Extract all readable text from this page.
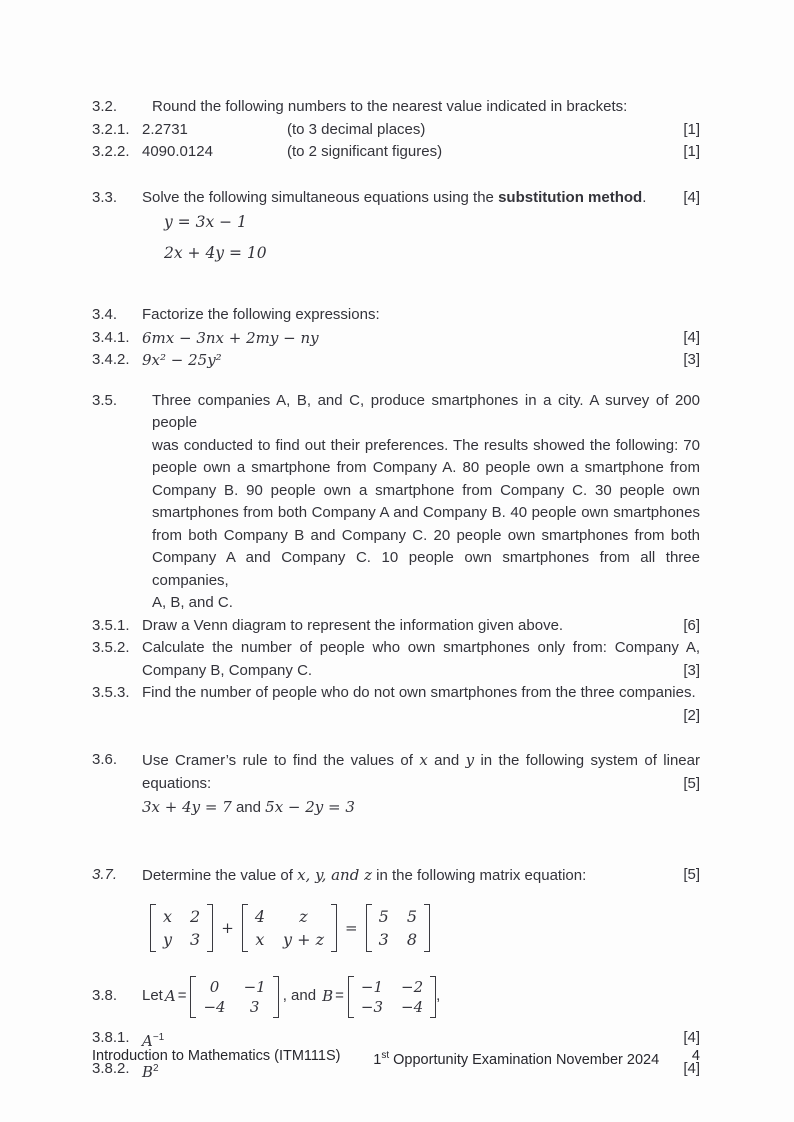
3.2.	Round the following numbers to the nearest value indicated in brackets:
3.2.1. 2.2731	(to 3 decimal places)	[1]
3.2.2. 4090.0124	(to 2 significant figures)	[1]
3.3.	Solve the following simultaneous equations using the substitution method.	[4]
y = 3x − 1
2x + 4y = 10
3.4.	Factorize the following expressions:
3.4.1. 6mx − 3nx + 2my − ny	[4]
3.4.2. 9x² − 25y²	[3]
3.5.	Three companies A, B, and C, produce smartphones in a city. A survey of 200 people
was conducted to find out their preferences. The results showed the following: 70
people own a smartphone from Company A. 80 people own a smartphone from
Company B. 90 people own a smartphone from Company C. 30 people own
smartphones from both Company A and Company B. 40 people own smartphones
from both Company B and Company C. 20 people own smartphones from both
Company A and Company C. 10 people own smartphones from all three companies,
A, B, and C.
3.5.1. Draw a Venn diagram to represent the information given above.	[6]
3.5.2. Calculate the number of people who own smartphones only from: Company A,
Company B, Company C.	[3]
3.5.3. Find the number of people who do not own smartphones from the three companies.
[2]
3.6.	Use Cramer’s rule to find the values of x and y in the following system of linear
equations:	[5]
3x + 4y = 7 and 5x − 2y = 3
3.7.	Determine the value of x, y, and z in the following matrix equation:	[5]
x 2
y 3
+
4	z
x y + z
=
5 5
3 8
3.8.	Let A =
0	−1
−4	3
, and B =
−1 −2
−3 −4
,
3.8.1. $A^{-1}$	[4]
3.8.2. $B^2$	[4]
Introduction to Mathematics (ITM111S) 1st Opportunity Examination November 2024 4
